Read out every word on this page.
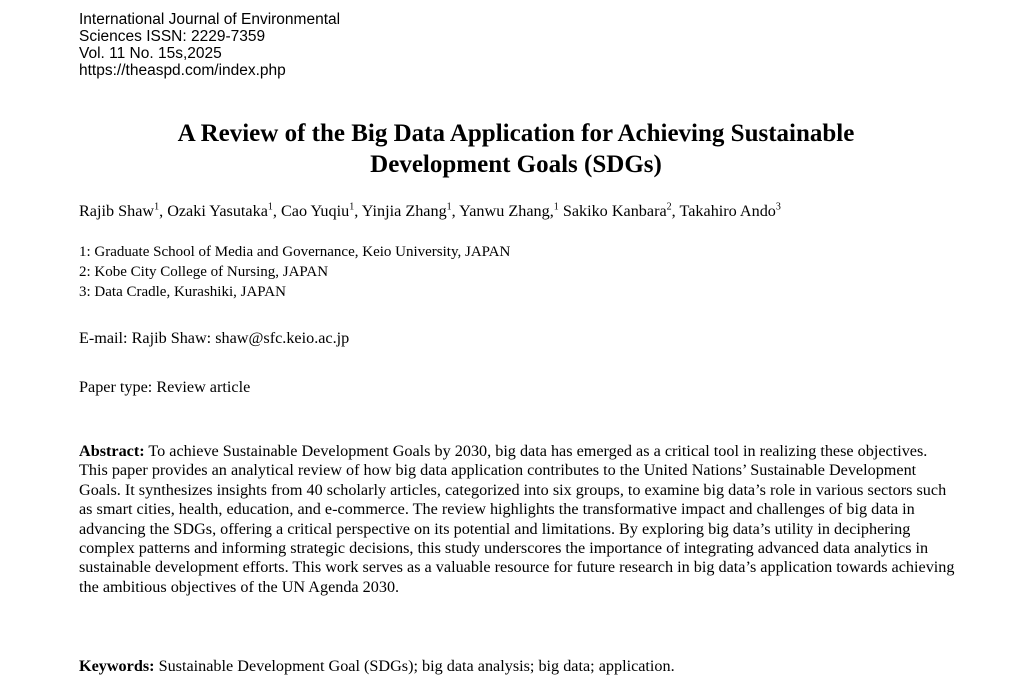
International Journal of Environmental
Sciences ISSN: 2229-7359
Vol. 11 No. 15s,2025
https://theaspd.com/index.php
A Review of the Big Data Application for Achieving Sustainable
Development Goals (SDGs)
Rajib Shaw$^1$, Ozaki Yasutaka$^1$, Cao Yuqiu$^1$, Yinjia Zhang$^1$, Yanwu Zhang,$^1$ Sakiko Kanbara$^2$, Takahiro Ando$^3$
1: Graduate School of Media and Governance, Keio University, JAPAN
2: Kobe City College of Nursing, JAPAN
3: Data Cradle, Kurashiki, JAPAN
E-mail: Rajib Shaw: shaw@sfc.keio.ac.jp
Paper type: Review article

Abstract: To achieve Sustainable Development Goals by 2030, big data has emerged as a critical tool in realizing these objectives. This paper provides an analytical review of how big data application contributes to the United Nations’ Sustainable Development Goals. It synthesizes insights from 40 scholarly articles, categorized into six groups, to examine big data’s role in various sectors such as smart cities, health, education, and e-commerce. The review highlights the transformative impact and challenges of big data in advancing the SDGs, offering a critical perspective on its potential and limitations. By exploring big data’s utility in deciphering complex patterns and informing strategic decisions, this study underscores the importance of integrating advanced data analytics in sustainable development efforts. This work serves as a valuable resource for future research in big data’s application towards achieving the ambitious objectives of the UN Agenda 2030.

Keywords: Sustainable Development Goal (SDGs); big data analysis; big data; application.
